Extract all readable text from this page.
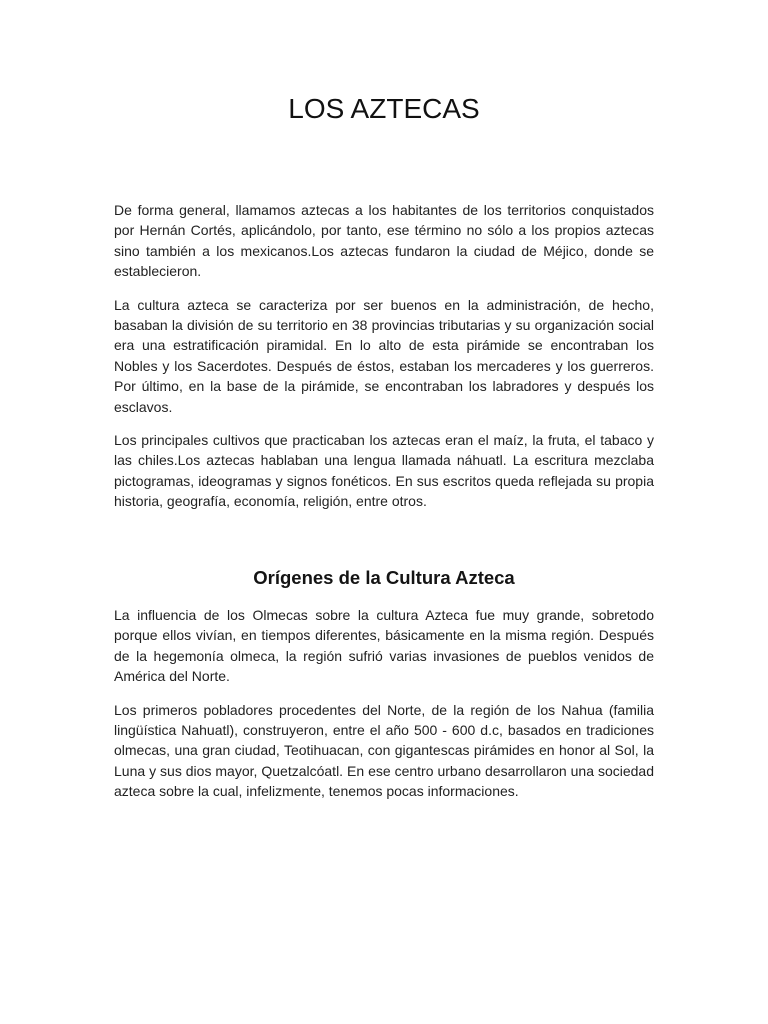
LOS AZTECAS

De forma general, llamamos aztecas a los habitantes de los territorios conquistados por Hernán Cortés, aplicándolo, por tanto, ese término no sólo a los propios aztecas sino también a los mexicanos.Los aztecas fundaron la ciudad de Méjico, donde se establecieron.

La cultura azteca se caracteriza por ser buenos en la administración, de hecho, basaban la división de su territorio en 38 provincias tributarias y su organización social era una estratificación piramidal. En lo alto de esta pirámide se encontraban los Nobles y los Sacerdotes. Después de éstos, estaban los mercaderes y los guerreros. Por último, en la base de la pirámide, se encontraban los labradores y después los esclavos.

Los principales cultivos que practicaban los aztecas eran el maíz, la fruta, el tabaco y las chiles.Los aztecas hablaban una lengua llamada náhuatl. La escritura mezclaba pictogramas, ideogramas y signos fonéticos. En sus escritos queda reflejada su propia historia, geografía, economía, religión, entre otros.

Orígenes de la Cultura Azteca

La influencia de los Olmecas sobre la cultura Azteca fue muy grande, sobretodo porque ellos vivían, en tiempos diferentes, básicamente en la misma región. Después de la hegemonía olmeca, la región sufrió varias invasiones de pueblos venidos de América del Norte.

Los primeros pobladores procedentes del Norte, de la región de los Nahua (familia lingüística Nahuatl), construyeron, entre el año 500 - 600 d.c, basados en tradiciones olmecas, una gran ciudad, Teotihuacan, con gigantescas pirámides en honor al Sol, la Luna y sus dios mayor, Quetzalcóatl. En ese centro urbano desarrollaron una sociedad azteca sobre la cual, infelizmente, tenemos pocas informaciones.
